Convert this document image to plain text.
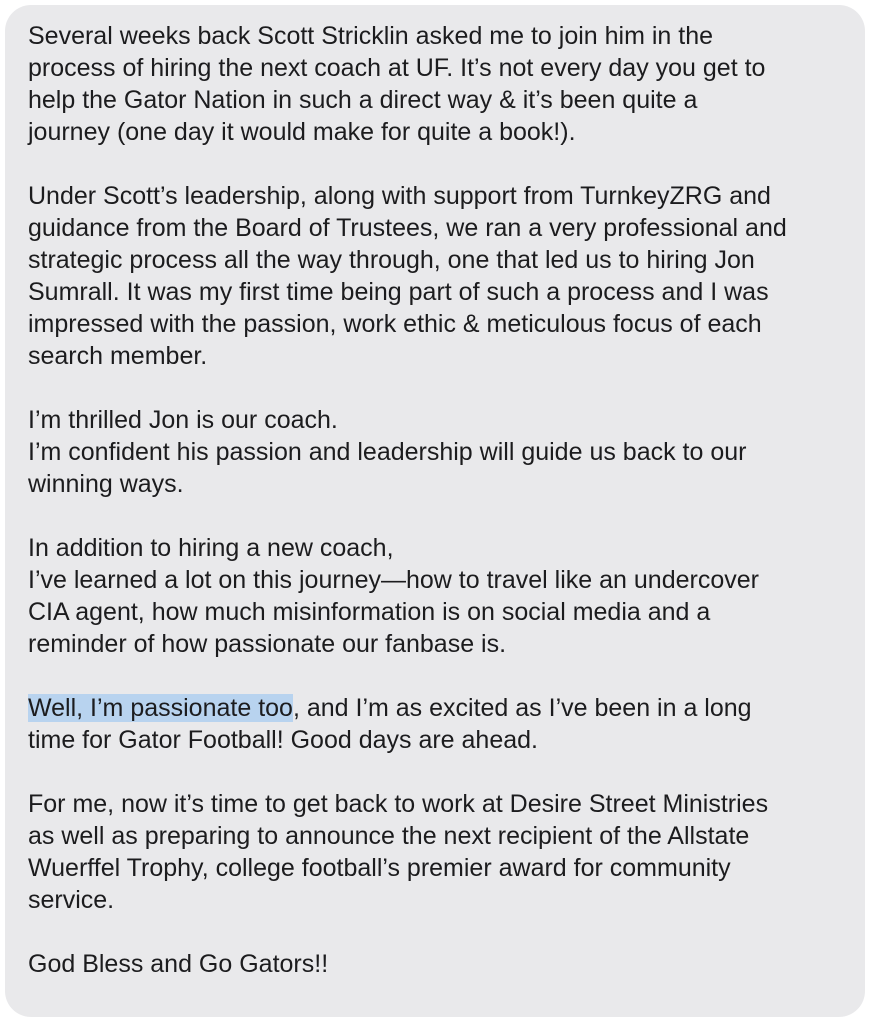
Several weeks back Scott Stricklin asked me to join him in the
process of hiring the next coach at UF. It’s not every day you get to
help the Gator Nation in such a direct way & it’s been quite a
journey (one day it would make for quite a book!).

Under Scott’s leadership, along with support from TurnkeyZRG and
guidance from the Board of Trustees, we ran a very professional and
strategic process all the way through, one that led us to hiring Jon
Sumrall. It was my first time being part of such a process and I was
impressed with the passion, work ethic & meticulous focus of each
search member.

I’m thrilled Jon is our coach.
I’m confident his passion and leadership will guide us back to our
winning ways.

In addition to hiring a new coach,
I’ve learned a lot on this journey—how to travel like an undercover
CIA agent, how much misinformation is on social media and a
reminder of how passionate our fanbase is.

Well, I’m passionate too, and I’m as excited as I’ve been in a long
time for Gator Football! Good days are ahead.

For me, now it’s time to get back to work at Desire Street Ministries
as well as preparing to announce the next recipient of the Allstate
Wuerffel Trophy, college football’s premier award for community
service.

God Bless and Go Gators!!
